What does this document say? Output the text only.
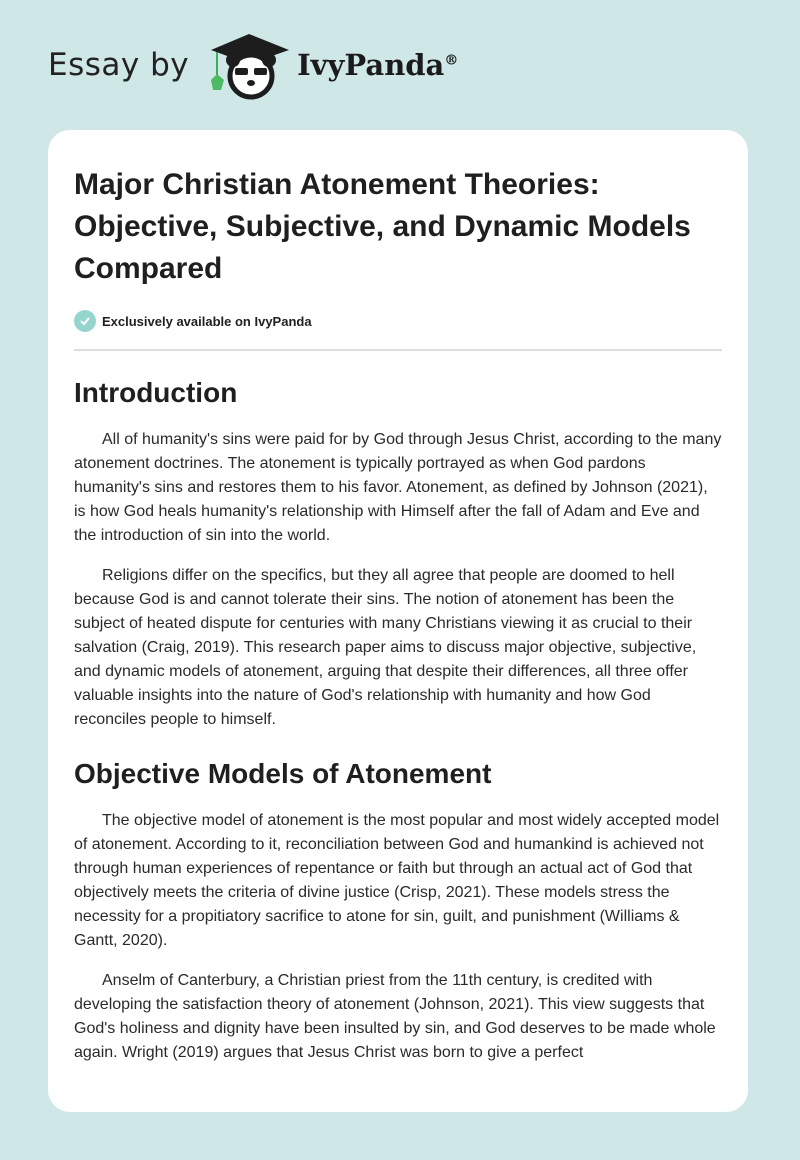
Essay by	IvyPanda®
Major Christian Atonement Theories: Objective, Subjective, and Dynamic Models Compared
Exclusively available on IvyPanda
Introduction

All of humanity's sins were paid for by God through Jesus Christ, according to the many atonement doctrines. The atonement is typically portrayed as when God pardons humanity's sins and restores them to his favor. Atonement, as defined by Johnson (2021), is how God heals humanity's relationship with Himself after the fall of Adam and Eve and the introduction of sin into the world.

Religions differ on the specifics, but they all agree that people are doomed to hell because God is and cannot tolerate their sins. The notion of atonement has been the subject of heated dispute for centuries with many Christians viewing it as crucial to their salvation (Craig, 2019). This research paper aims to discuss major objective, subjective, and dynamic models of atonement, arguing that despite their differences, all three offer valuable insights into the nature of God's relationship with humanity and how God reconciles people to himself.

Objective Models of Atonement

The objective model of atonement is the most popular and most widely accepted model of atonement. According to it, reconciliation between God and humankind is achieved not through human experiences of repentance or faith but through an actual act of God that objectively meets the criteria of divine justice (Crisp, 2021). These models stress the necessity for a propitiatory sacrifice to atone for sin, guilt, and punishment (Williams & Gantt, 2020).

Anselm of Canterbury, a Christian priest from the 11th century, is credited with developing the satisfaction theory of atonement (Johnson, 2021). This view suggests that God's holiness and dignity have been insulted by sin, and God deserves to be made whole again. Wright (2019) argues that Jesus Christ was born to give a perfect
